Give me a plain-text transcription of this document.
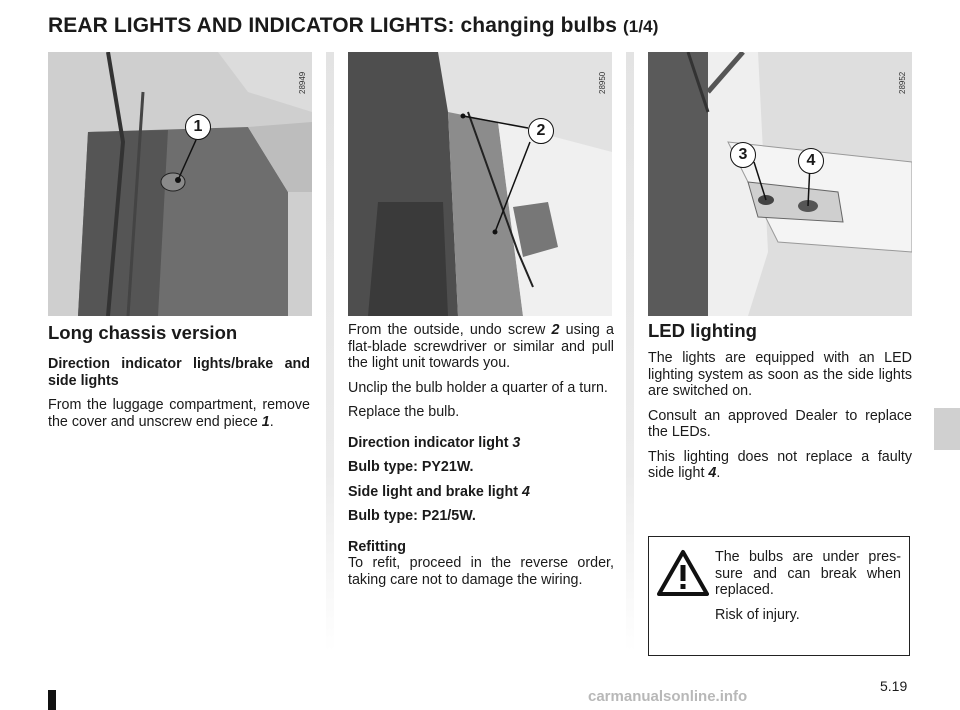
REAR LIGHTS AND INDICATOR LIGHTS: changing bulbs (1/4)
1
28949
2
28950
3	4
28952
Long chassis version

Direction indicator lights/brake and side lights

From the luggage compartment, remove the cover and unscrew end piece 1.

From the outside, undo screw 2 using a flat-blade screwdriver or similar and pull the light unit towards you.

Unclip the bulb holder a quarter of a turn.

Replace the bulb.

Direction indicator light 3

Bulb type: PY21W.

Side light and brake light 4

Bulb type: P21/5W.

Refitting

To refit, proceed in the reverse order, taking care not to damage the wiring.

LED lighting

The lights are equipped with an LED lighting system as soon as the side lights are switched on.

Consult an approved Dealer to replace the LEDs.

This lighting does not replace a faulty side light 4.

The bulbs are under pres-sure and can break when replaced.

Risk of injury.

5.19
carmanualsonline.info
